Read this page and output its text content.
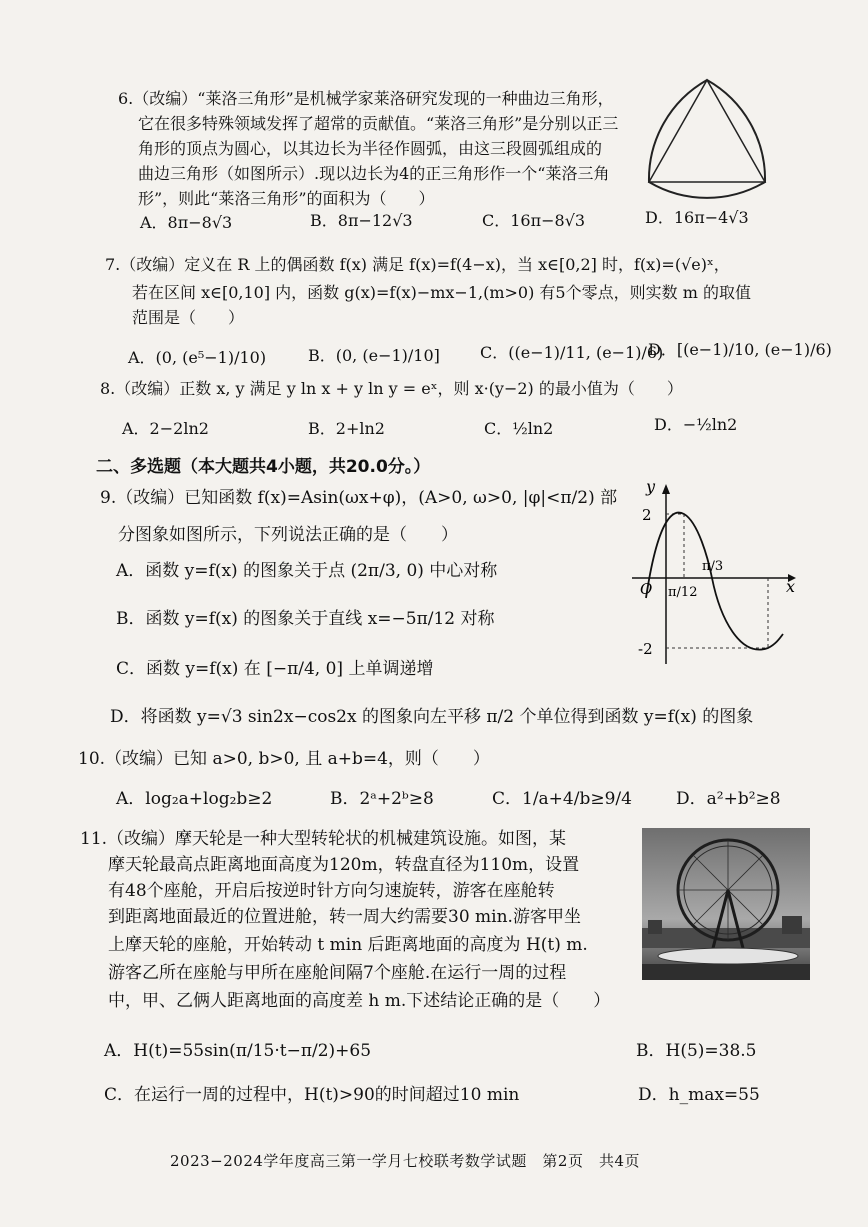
6.（改编）“莱洛三角形”是机械学家莱洛研究发现的一种曲边三角形，
它在很多特殊领域发挥了超常的贡献值。“莱洛三角形”是分别以正三
角形的顶点为圆心，以其边长为半径作圆弧，由这三段圆弧组成的
曲边三角形（如图所示）.现以边长为4的正三角形作一个“莱洛三角
形”，则此“莱洛三角形”的面积为（　　）
A．8π−8√3	B．8π−12√3	C．16π−8√3	D．16π−4√3
7.（改编）定义在 R 上的偶函数 f(x) 满足 f(x)=f(4−x)，当 x∈[0,2] 时，f(x)=(√e)ˣ，
若在区间 x∈[0,10] 内，函数 g(x)=f(x)−mx−1,(m>0) 有5个零点，则实数 m 的取值
范围是（　　）
A．(0, (e⁵−1)/10)	B．(0, (e−1)/10]	C．((e−1)/11, (e−1)/6)
D．[(e−1)/10, (e−1)/6)
8.（改编）正数 x, y 满足 y ln x + y ln y = eˣ，则 x·(y−2) 的最小值为（　　）
A．2−2ln2	B．2+ln2	C．½ln2	D．−½ln2
二、多选题（本大题共4小题，共20.0分。）
9.（改编）已知函数 f(x)=Asin(ωx+φ)，(A>0, ω>0, |φ|<π/2) 部
分图象如图所示，下列说法正确的是（　　）
A．函数 y=f(x) 的图象关于点 (2π/3, 0) 中心对称
B．函数 y=f(x) 的图象关于直线 x=−5π/12 对称
C．函数 y=f(x) 在 [−π/4, 0] 上单调递增
D．将函数 y=√3 sin2x−cos2x 的图象向左平移 π/2 个单位得到函数 y=f(x) 的图象
y
x
2
-2
O π/12
π/3
10.（改编）已知 a>0, b>0, 且 a+b=4，则（　　）
A．log₂a+log₂b≥2	B．2ᵃ+2ᵇ≥8	C．1/a+4/b≥9/4	D．a²+b²≥8
11.（改编）摩天轮是一种大型转轮状的机械建筑设施。如图，某
摩天轮最高点距离地面高度为120m，转盘直径为110m，设置
有48个座舱，开启后按逆时针方向匀速旋转，游客在座舱转
到距离地面最近的位置进舱，转一周大约需要30 min.游客甲坐
上摩天轮的座舱，开始转动 t min 后距离地面的高度为 H(t) m.
游客乙所在座舱与甲所在座舱间隔7个座舱.在运行一周的过程
中，甲、乙俩人距离地面的高度差 h m.下述结论正确的是（　　）
A．H(t)=55sin(π/15·t−π/2)+65	B．H(5)=38.5
C．在运行一周的过程中，H(t)>90的时间超过10 min	D．h_max=55
2023−2024学年度高三第一学月七校联考数学试题　第2页　共4页
